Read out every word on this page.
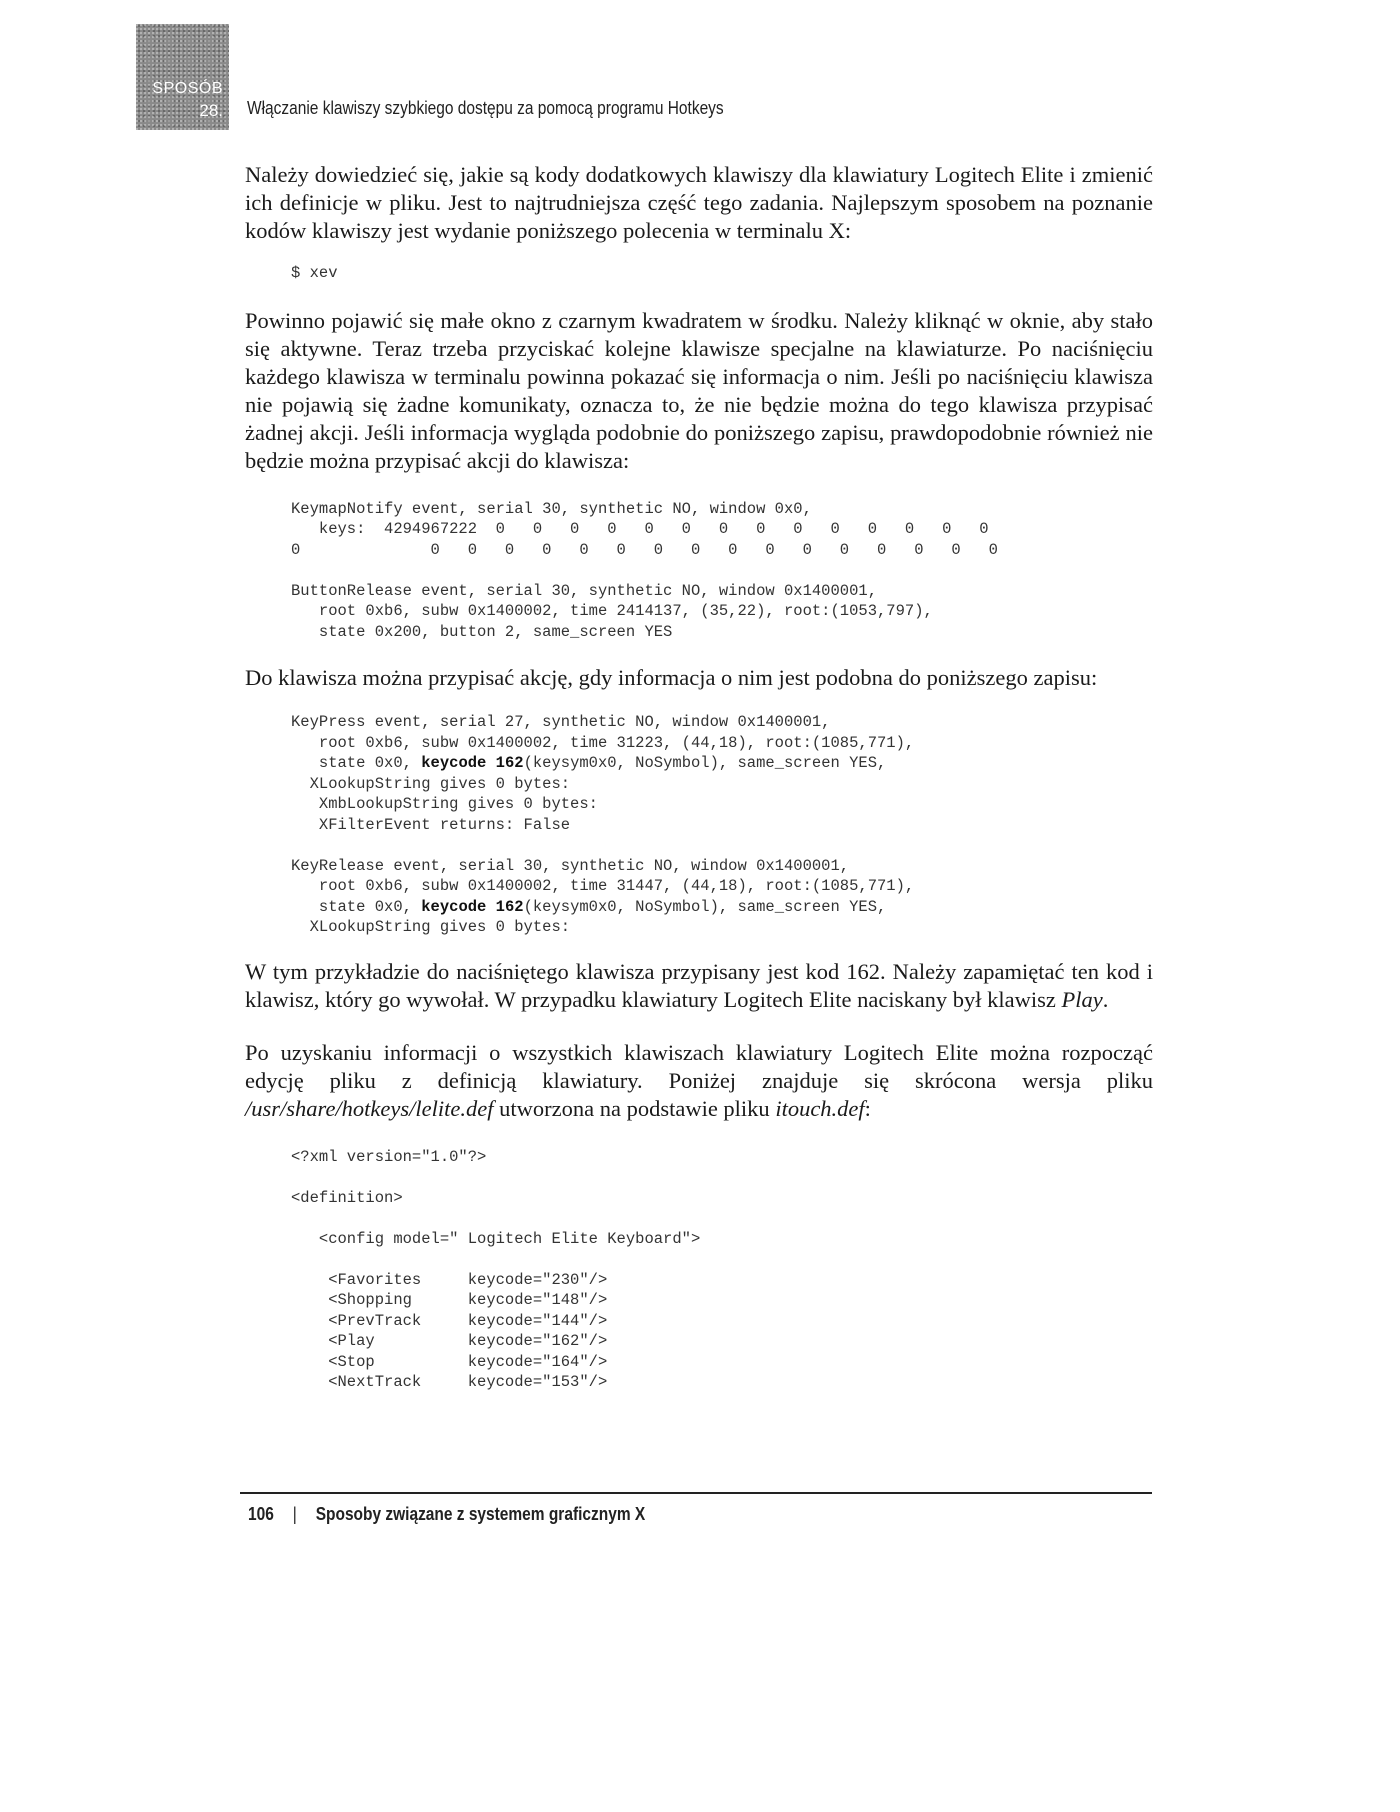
SPOSÓB
28. Włączanie klawiszy szybkiego dostępu za pomocą programu Hotkeys

Należy dowiedzieć się, jakie są kody dodatkowych klawiszy dla klawiatury Logitech Elite i zmienić ich definicje w pliku. Jest to najtrudniejsza część tego zadania. Najlepszym sposobem na poznanie kodów klawiszy jest wydanie poniższego polecenia w terminalu X:

$ xev

Powinno pojawić się małe okno z czarnym kwadratem w środku. Należy kliknąć w oknie, aby stało się aktywne. Teraz trzeba przyciskać kolejne klawisze specjalne na klawiaturze. Po naciśnięciu każdego klawisza w terminalu powinna pokazać się informacja o nim. Jeśli po naciśnięciu klawisza nie pojawią się żadne komunikaty, oznacza to, że nie będzie można do tego klawisza przypisać żadnej akcji. Jeśli informacja wygląda podobnie do poniższego zapisu, prawdopodobnie również nie będzie można przypisać akcji do klawisza:

KeymapNotify event, serial 30, synthetic NO, window 0x0,
keys:  4294967222  0   0   0   0   0   0   0   0   0   0   0   0   0   0
0              0   0   0   0   0   0   0   0   0   0   0   0   0   0   0   0

ButtonRelease event, serial 30, synthetic NO, window 0x1400001,
root 0xb6, subw 0x1400002, time 2414137, (35,22), root:(1053,797),
state 0x200, button 2, same_screen YES

Do klawisza można przypisać akcję, gdy informacja o nim jest podobna do poniższego zapisu:

KeyPress event, serial 27, synthetic NO, window 0x1400001,
root 0xb6, subw 0x1400002, time 31223, (44,18), root:(1085,771),
state 0x0, keycode 162(keysym0x0, NoSymbol), same_screen YES,
XLookupString gives 0 bytes:
XmbLookupString gives 0 bytes:
XFilterEvent returns: False

KeyRelease event, serial 30, synthetic NO, window 0x1400001,
root 0xb6, subw 0x1400002, time 31447, (44,18), root:(1085,771),
state 0x0, keycode 162(keysym0x0, NoSymbol), same_screen YES,
XLookupString gives 0 bytes:

W tym przykładzie do naciśniętego klawisza przypisany jest kod 162. Należy zapamiętać ten kod i klawisz, który go wywołał. W przypadku klawiatury Logitech Elite naciskany był klawisz Play.

Po uzyskaniu informacji o wszystkich klawiszach klawiatury Logitech Elite można rozpocząć edycję pliku z definicją klawiatury. Poniżej znajduje się skrócona wersja pliku /usr/share/hotkeys/lelite.def utworzona na podstawie pliku itouch.def:

<?xml version="1.0"?>

<definition>

<config model=" Logitech Elite Keyboard">

<Favorites     keycode="230"/>
<Shopping      keycode="148"/>
<PrevTrack     keycode="144"/>
<Play          keycode="162"/>
<Stop          keycode="164"/>
<NextTrack     keycode="153"/>
106 | Sposoby związane z systemem graficznym X
